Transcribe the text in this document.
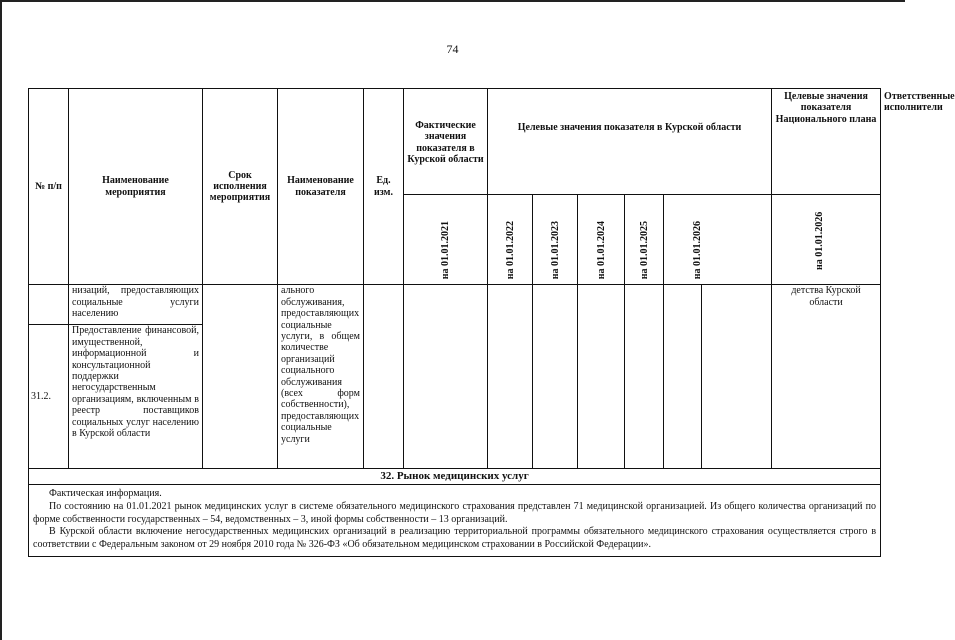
74
№ п/п	Наименование мероприятия	Срок исполнения мероприятия	Наименование показателя	Ед. изм.	Фактические значения показателя в Курской области	Целевые значения показателя в Курской области						Целевые значения показателя Национального плана	Ответственные исполнители
					на 01.01.2021	на 01.01.2022	на 01.01.2023	на 01.01.2024	на 01.01.2025	на 01.01.2026		на 01.01.2026	
	низаций, предоставляющих социальные услуги населению		ального обслуживания, предоставляющих социальные услуги, в общем количестве организаций социального обслуживания (всех форм собственности), предоставляющих социальные услуги									детства Курской области	
31.2.	Предоставление финансовой, имущественной, информационной и консультационной поддержки негосударственным организациям, включенным в реестр поставщиков социальных услуг населению в Курской области												
32. Рынок медицинских услуг													

Фактическая информация.

По состоянию на 01.01.2021 рынок медицинских услуг в системе обязательного медицинского страхования представлен 71 медицинской организацией. Из общего количества организаций по форме собственности государственных – 54, ведомственных – 3, иной формы собственности – 13 организаций.

В Курской области включение негосударственных медицинских организаций в реализацию территориальной программы обязательного медицинского страхования осуществляется строго в соответствии с Федеральным законом от 29 ноября 2010 года № 326-ФЗ «Об обязательном медицинском страховании в Российской Федерации».													
